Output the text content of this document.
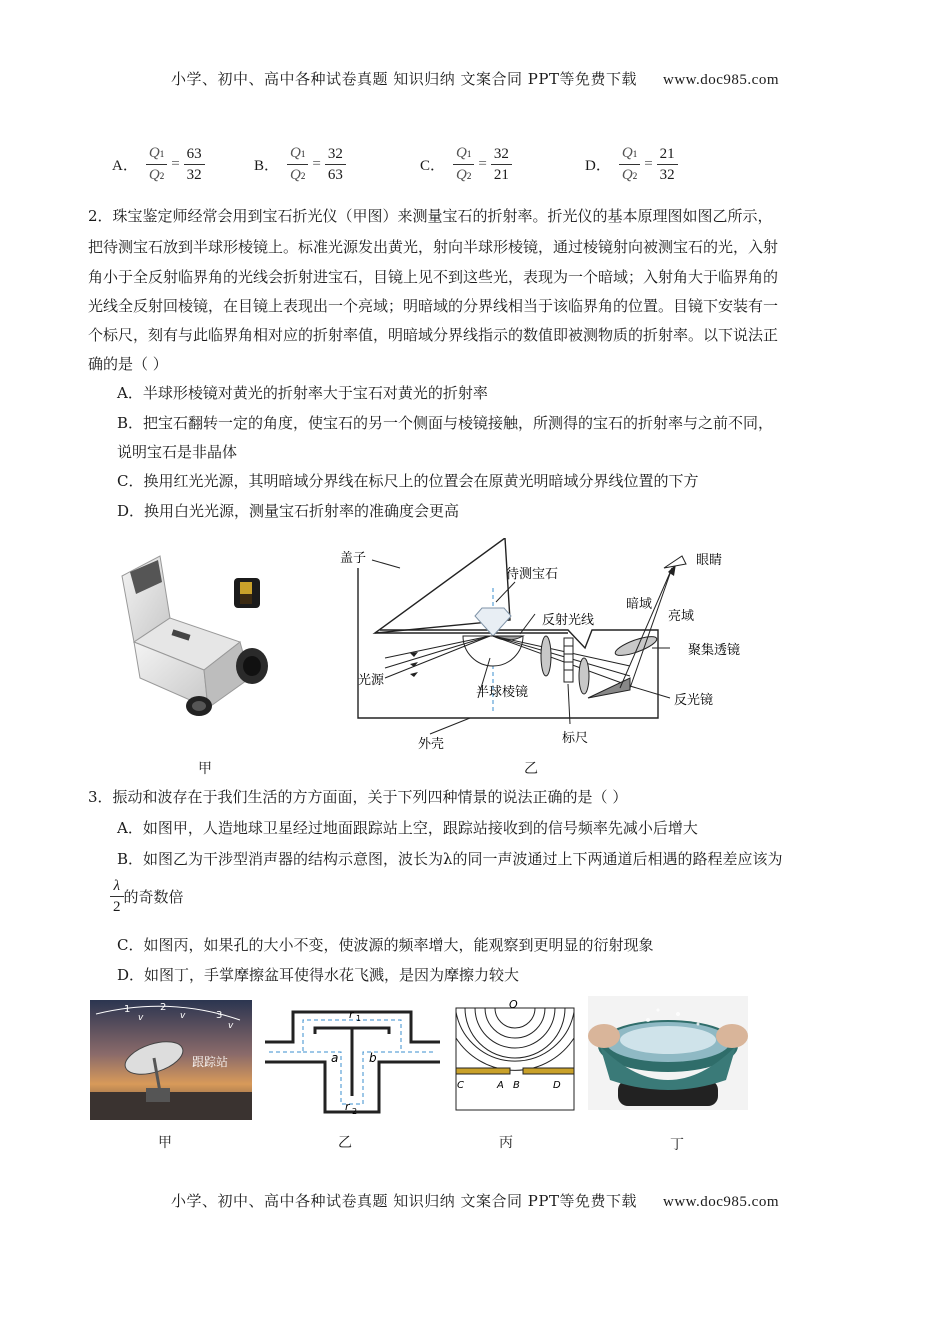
小学、初中、高中各种试卷真题 知识归纳 文案合同 PPT等免费下载 www.doc985.com
A． $\frac{Q1}{Q2} = \frac{63}{32}$	B． $\frac{Q1}{Q2} = \frac{32}{63}$	C． $\frac{Q1}{Q2} = \frac{32}{21}$	D． $\frac{Q1}{Q2} = \frac{21}{32}$
2．珠宝鉴定师经常会用到宝石折光仪（甲图）来测量宝石的折射率。折光仪的基本原理图如图乙所示，
把待测宝石放到半球形棱镜上。标准光源发出黄光，射向半球形棱镜，通过棱镜射向被测宝石的光，入射
角小于全反射临界角的光线会折射进宝石，目镜上见不到这些光，表现为一个暗域；入射角大于临界角的
光线全反射回棱镜，在目镜上表现出一个亮域；明暗域的分界线相当于该临界角的位置。目镜下安装有一
个标尺，刻有与此临界角相对应的折射率值，明暗域分界线指示的数值即被测物质的折射率。以下说法正
确的是（ ）
A．半球形棱镜对黄光的折射率大于宝石对黄光的折射率
B．把宝石翻转一定的角度，使宝石的另一个侧面与棱镜接触，所测得的宝石的折射率与之前不同，
说明宝石是非晶体
C．换用红光光源，其明暗域分界线在标尺上的位置会在原黄光明暗域分界线位置的下方
D．换用白光光源，测量宝石折射率的准确度会更高
甲
盖子
待测宝石
眼睛
反射光线
暗域
亮域
聚集透镜
光源
半球棱镜
反光镜
外壳	标尺
乙
3．振动和波存在于我们生活的方方面面，关于下列四种情景的说法正确的是（ ）
A．如图甲，人造地球卫星经过地面跟踪站上空，跟踪站接收到的信号频率先减小后增大
B．如图乙为干涉型消声器的结构示意图，波长为λ的同一声波通过上下两通道后相遇的路程差应该为
$\frac{\lambda}{2}$ 的奇数倍
C．如图丙，如果孔的大小不变，使波源的频率增大，能观察到更明显的衍射现象
D．如图丁，手掌摩擦盆耳使得水花飞溅，是因为摩擦力较大
1	2
3
v	v
v
跟踪站
甲
r 1
r 2
a	b
乙
O
C	A B	D
丙	丁
小学、初中、高中各种试卷真题 知识归纳 文案合同 PPT等免费下载 www.doc985.com
